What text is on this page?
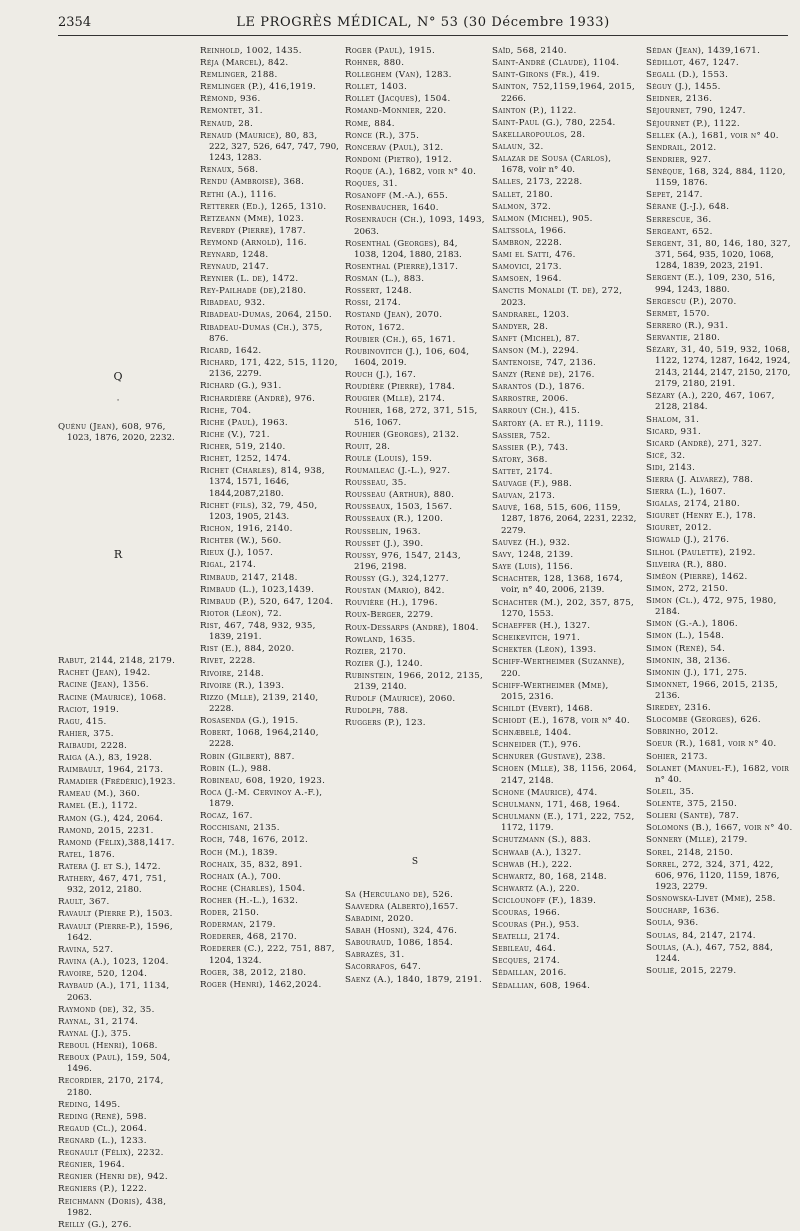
2354	LE PROGRÈS MÉDICAL, N° 53 (30 Décembre 1933)
Q
·
Quénu (Jean), 608, 976, 1023, 1876, 2020, 2232.
R
Rabut, 2144, 2148, 2179.
Rachet (Jean), 1942.
Racine (Jean), 1356.
Racine (Maurice), 1068.
Raciot, 1919.
Ragu, 415.
Rahier, 375.
Raibaudi, 2228.
Raiga (A.), 83, 1928.
Raimbault, 1964, 2173.
Ramadier (Frédéric),1923.
Rameau (M.), 360.
Ramel (E.), 1172.
Ramon (G.), 424, 2064.
Ramond, 2015, 2231.
Ramond (Félix),388,1417.
Ratel, 1876.
Ratera (J. et S.), 1472.
Rathery, 467, 471, 751, 932, 2012, 2180.
Rault, 367.
Ravault (Pierre P.), 1503.
Ravault (Pierre-P.), 1596, 1642.
Ravina, 527.
Ravina (A.), 1023, 1204.
Ravoire, 520, 1204.
Raybaud (A.), 171, 1134, 2063.
Raymond (de), 32, 35.
Raynal, 31, 2174.
Raynal (J.), 375.
Reboul (Henri), 1068.
Reboux (Paul), 159, 504, 1496.
Recordier, 2170, 2174, 2180.
Reding, 1495.
Reding (René), 598.
Regaud (Cl.), 2064.
Regnard (L.), 1233.
Regnault (Félix), 2232.
Régnier, 1964.
Régnier (Henri de), 942.
Regniers (P.), 1222.
Reichmann (Doris), 438, 1982.
Reilly (G.), 276.
Reinhold, 1002, 1435.
Réja (Marcel), 842.
Remlinger, 2188.
Remlinger (P.), 416,1919.
Rémond, 936.
Remontet, 31.
Renaud, 28.
Renaud (Maurice), 80, 83, 222, 327, 526, 647, 747, 790, 1243, 1283.
Renaux, 568.
Rendu (Ambroise), 368.
Rethi (A.), 1116.
Retterer (Ed.), 1265, 1310.
Retzeann (Mme), 1023.
Reverdy (Pierre), 1787.
Reymond (Arnold), 116.
Reynard, 1248.
Reynaud, 2147.
Reynier (L. de), 1472.
Rey-Pailhade (de),2180.
Ribadeau, 932.
Ribadeau-Dumas, 2064, 2150.
Ribadeau-Dumas (Ch.), 375, 876.
Ricard, 1642.
Richard, 171, 422, 515, 1120, 2136, 2279.
Richard (G.), 931.
Richardière (André), 976.
Riche, 704.
Riche (Paul), 1963.
Riche (V.), 721.
Richer, 519, 2140.
Richet, 1252, 1474.
Richet (Charles), 814, 938, 1374, 1571, 1646, 1844,2087,2180.
Richet (fils), 32, 79, 450, 1203, 1905, 2143.
Richon, 1916, 2140.
Richter (W.), 560.
Rieux (J.), 1057.
Rigal, 2174.
Rimbaud, 2147, 2148.
Rimbaud (L.), 1023,1439.
Rimbaud (P.), 520, 647, 1204.
Riotor (Léon), 72.
Rist, 467, 748, 932, 935, 1839, 2191.
Rist (E.), 884, 2020.
Rivet, 2228.
Rivoire, 2148.
Rivoire (R.), 1393.
Rizzo (Mlle), 2139, 2140, 2228.
Rosasenda (G.), 1915.
Robert, 1068, 1964,2140, 2228.
Robin (Gilbert), 887.
Robin (L.), 988.
Robineau, 608, 1920, 1923.
Roca (J.-M. Cervinoy A.-F.), 1879.
Rocaz, 167.
Rocchisani, 2135.
Roch, 748, 1676, 2012.
Roch (M.), 1839.
Rochaix, 35, 832, 891.
Rochaix (A.), 700.
Roche (Charles), 1504.
Rocher (H.-L.), 1632.
Roder, 2150.
Roderman, 2179.
Roederer, 468, 2170.
Roederer (C.), 222, 751, 887, 1204, 1324.
Roger, 38, 2012, 2180.
Roger (Henri), 1462,2024.
Roger (Paul), 1915.
Rohner, 880.
Rolleghem (Van), 1283.
Rollet, 1403.
Rollet (Jacques), 1504.
Romand-Monnier, 220.
Rome, 884.
Ronce (R.), 375.
Roncerav (Paul), 312.
Rondoni (Pietro), 1912.
Roque (A.), 1682, voir n° 40.
Roques, 31.
Rosanoff (M.-A.), 655.
Rosenbaucher, 1640.
Rosenrauch (Ch.), 1093, 1493, 2063.
Rosenthal (Georges), 84, 1038, 1204, 1880, 2183.
Rosenthal (Pierre),1317.
Rosman (L.), 883.
Rossert, 1248.
Rossi, 2174.
Rostand (Jean), 2070.
Roton, 1672.
Roubier (Ch.), 65, 1671.
Roubinovitch (J.), 106, 604, 1604, 2019.
Rouch (J.), 167.
Roudière (Pierre), 1784.
Rougier (Mlle), 2174.
Rouhier, 168, 272, 371, 515, 516, 1067.
Rouhier (Georges), 2132.
Rouit, 28.
Roule (Louis), 159.
Roumaileac (J.-L.), 927.
Rousseau, 35.
Rousseau (Arthur), 880.
Rousseaux, 1503, 1567.
Rousseaux (R.), 1200.
Rousselin, 1963.
Rousset (J.), 390.
Roussy, 976, 1547, 2143, 2196, 2198.
Roussy (G.), 324,1277.
Roustan (Mario), 842.
Rouvière (H.), 1796.
Roux-Berger, 2279.
Roux-Dessarps (André), 1804.
Rowland, 1635.
Rozier, 2170.
Rozier (J.), 1240.
Rubinstein, 1966, 2012, 2135, 2139, 2140.
Rudolf (Maurice), 2060.
Rudolph, 788.
Ruggers (P.), 123.
S
Sa (Herculano de), 526.
Saavedra (Alberto),1657.
Sabadini, 2020.
Sabah (Hosni), 324, 476.
Sabouraud, 1086, 1854.
Sabrazès, 31.
Sacorrafos, 647.
Saenz (A.), 1840, 1879, 2191.
Saïd, 568, 2140.
Saint-André (Claude), 1104.
Saint-Girons (Fr.), 419.
Sainton, 752,1159,1964, 2015, 2266.
Sainton (P.), 1122.
Saint-Paul (G.), 780, 2254.
Sakellaropoulos, 28.
Salaun, 32.
Salazar de Sousa (Carlos), 1678, voir n° 40.
Salles, 2173, 2228.
Sallet, 2180.
Salmon, 372.
Salmon (Michel), 905.
Saltssola, 1966.
Sambron, 2228.
Sami el Satti, 476.
Samovici, 2173.
Samsoen, 1964.
Sanctis Monaldi (T. de), 272, 2023.
Sandrarel, 1203.
Sandyer, 28.
Sanft (Michel), 87.
Sanson (M.), 2294.
Santenoise, 747, 2136.
Sanzy (René de), 2176.
Sarantos (D.), 1876.
Sarrostre, 2006.
Sarrouy (Ch.), 415.
Sartory (A. et R.), 1119.
Sassier, 752.
Sassier (P.), 743.
Satory, 368.
Sattet, 2174.
Sauvage (F.), 988.
Sauvan, 2173.
Sauvé, 168, 515, 606, 1159, 1287, 1876, 2064, 2231, 2232, 2279.
Sauvez (H.), 932.
Savy, 1248, 2139.
Saye (Luis), 1156.
Schachter, 128, 1368, 1674, voir, n° 40, 2006, 2139.
Schachter (M.), 202, 357, 875, 1270, 1553.
Schaeffer (H.), 1327.
Scheikevitch, 1971.
Schekter (Léon), 1393.
Schiff-Wertheimer (Suzanne), 220.
Schiff-Wertheimer (Mme), 2015, 2316.
Schildt (Evert), 1468.
Schiodt (E.), 1678, voir n° 40.
Schnæbelé, 1404.
Schneider (T.), 976.
Schnurer (Gustave), 238.
Schoen (Mlle), 38, 1156, 2064, 2147, 2148.
Schone (Maurice), 474.
Schulmann, 171, 468, 1964.
Schulmann (E.), 171, 222, 752, 1172, 1179.
Schutzmann (S.), 883.
Schwaab (A.), 1327.
Schwab (H.), 222.
Schwartz, 80, 168, 2148.
Schwartz (A.), 220.
Sciclounoff (F.), 1839.
Scouras, 1966.
Scouras (Ph.), 953.
Seatelli, 2174.
Sebileau, 464.
Secques, 2174.
Sédaillan, 2016.
Sédallian, 608, 1964.
Sédan (Jean), 1439,1671.
Sédillot, 467, 1247.
Segall (D.), 1553.
Séguy (J.), 1455.
Seidner, 2136.
Séjournet, 790, 1247.
Séjournet (P.), 1122.
Sellek (A.), 1681, voir n° 40.
Sendrail, 2012.
Sendrier, 927.
Sénèque, 168, 324, 884, 1120, 1159, 1876.
Sepet, 2147.
Sérane (J.-J.), 648.
Serrescue, 36.
Sergeant, 652.
Sergent, 31, 80, 146, 180, 327, 371, 564, 935, 1020, 1068, 1284, 1839, 2023, 2191.
Sergent (E.), 109, 230, 516, 994, 1243, 1880.
Sergescu (P.), 2070.
Sermet, 1570.
Serrero (R.), 931.
Servantie, 2180.
Sézary, 31, 40, 519, 932, 1068, 1122, 1274, 1287, 1642, 1924, 2143, 2144, 2147, 2150, 2170, 2179, 2180, 2191.
Sézary (A.), 220, 467, 1067, 2128, 2184.
Shalom, 31.
Sicard, 931.
Sicard (André), 271, 327.
Sicé, 32.
Sidi, 2143.
Sierra (J. Alvarez), 788.
Sierra (L.), 1607.
Sigalas, 2174, 2180.
Siguret (Henry E.), 178.
Siguret, 2012.
Sigwald (J.), 2176.
Silhol (Paulette), 2192.
Silveira (R.), 880.
Siméon (Pierre), 1462.
Simon, 272, 2150.
Simon (Cl.), 472, 975, 1980, 2184.
Simon (G.-A.), 1806.
Simon (L.), 1548.
Simon (René), 54.
Simonin, 38, 2136.
Simonin (J.), 171, 275.
Simonnet, 1966, 2015, 2135, 2136.
Siredey, 2316.
Slocombe (Georges), 626.
Sobrinho, 2012.
Soeur (R.), 1681, voir n° 40.
Sohier, 2173.
Solanet (Manuel-F.), 1682, voir n° 40.
Soleil, 35.
Solente, 375, 2150.
Solieri (Sante), 787.
Solomons (B.), 1667, voir n° 40.
Sonnery (Mlle), 2179.
Sorel, 2148, 2150.
Sorrel, 272, 324, 371, 422, 606, 976, 1120, 1159, 1876, 1923, 2279.
Sosnowska-Livet (Mme), 258.
Soucharp, 1636.
Soula, 936.
Soulas, 84, 2147, 2174.
Soulas, (A.), 467, 752, 884, 1244.
Soulié, 2015, 2279.
